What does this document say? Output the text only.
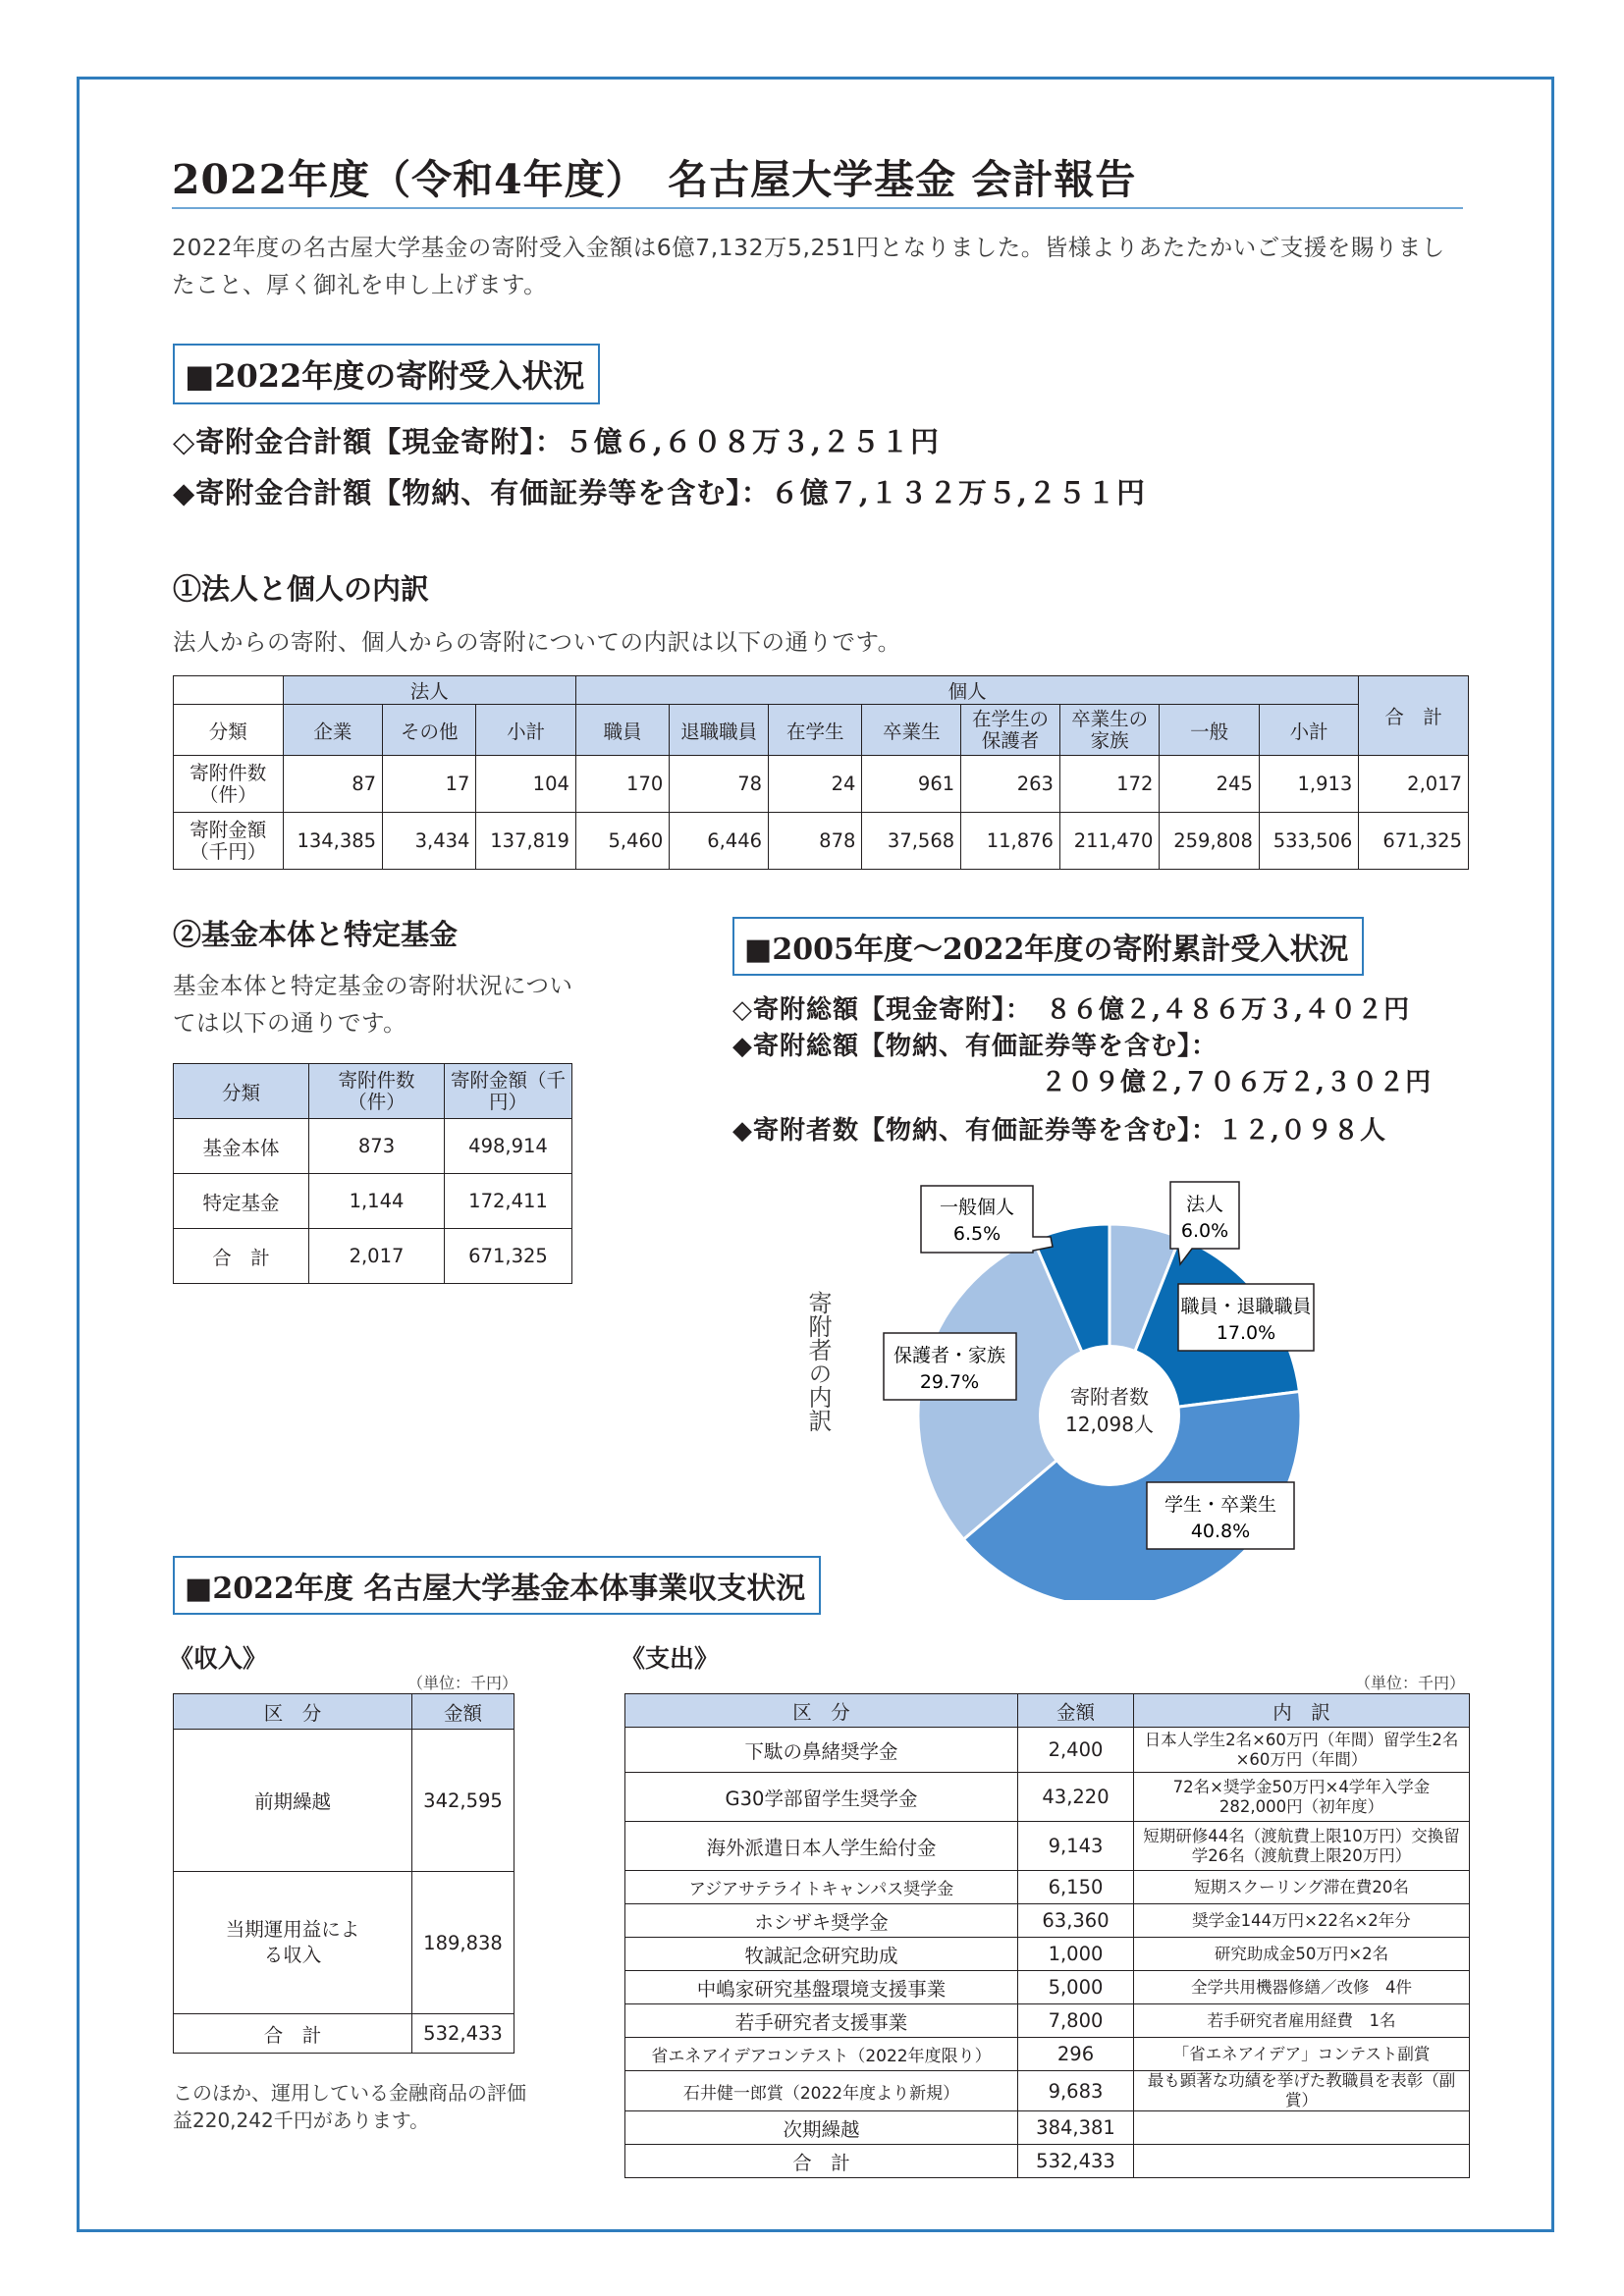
2022年度（令和4年度）　名古屋大学基金 会計報告
2022年度の名古屋大学基金の寄附受入金額は6億7,132万5,251円となりました。皆様よりあたたかいご支援を賜りましたこと、厚く御礼を申し上げます。
■2022年度の寄附受入状況
◇寄附金合計額【現金寄附】：５億６,６０８万３,２５１円
◆寄附金合計額【物納、有価証券等を含む】：６億７,１３２万５,２５１円
①法人と個人の内訳
法人からの寄附、個人からの寄附についての内訳は以下の通りです。
	法人			個人								合　計
分類	企業	その他	小計	職員	退職職員	在学生	卒業生	在学生の保護者	卒業生の家族	一般	小計	
寄附件数（件）	87	17	104	170	78	24	961	263	172	245	1,913	2,017
寄附金額（千円）	134,385	3,434	137,819	5,460	6,446	878	37,568	11,876	211,470	259,808	533,506	671,325
②基金本体と特定基金
基金本体と特定基金の寄附状況については以下の通りです。
分類	寄附件数（件）	寄附金額（千円）
基金本体	873	498,914
特定基金	1,144	172,411
合　計	2,017	671,325
■2005年度～2022年度の寄附累計受入状況
◇寄附総額【現金寄附】：　８６億２,４８６万３,４０２円
◆寄附総額【物納、有価証券等を含む】：
２０９億２,７０６万２,３０２円
◆寄附者数【物納、有価証券等を含む】：１２,０９８人
寄附者の内訳	寄附者数
12,098人
法人
6.0%
一般個人
6.5%
職員・退職職員
17.0%
保護者・家族
29.7%
学生・卒業生
40.8%
■2022年度 名古屋大学基金本体事業収支状況
《収入》
（単位：千円）
区　分	金額
前期繰越	342,595
当期運用益による収入	189,838
合　計	532,433
このほか、運用している金融商品の評価益220,242千円があります。
《支出》
（単位：千円）
区　分	金額	内　訳
下駄の鼻緒奨学金	2,400	日本人学生2名×60万円（年間）留学生2名×60万円（年間）
G30学部留学生奨学金	43,220	72名×奨学金50万円×4学年入学金282,000円（初年度）
海外派遣日本人学生給付金	9,143	短期研修44名（渡航費上限10万円）交換留学26名（渡航費上限20万円）
アジアサテライトキャンパス奨学金	6,150	短期スクーリング滞在費20名
ホシザキ奨学金	63,360	奨学金144万円×22名×2年分
牧誠記念研究助成	1,000	研究助成金50万円×2名
中嶋家研究基盤環境支援事業	5,000	全学共用機器修繕／改修　4件
若手研究者支援事業	7,800	若手研究者雇用経費　1名
省エネアイデアコンテスト（2022年度限り）	296	「省エネアイデア」コンテスト副賞
石井健一郎賞（2022年度より新規）	9,683	最も顕著な功績を挙げた教職員を表彰（副賞）
次期繰越	384,381	
合　計	532,433	
